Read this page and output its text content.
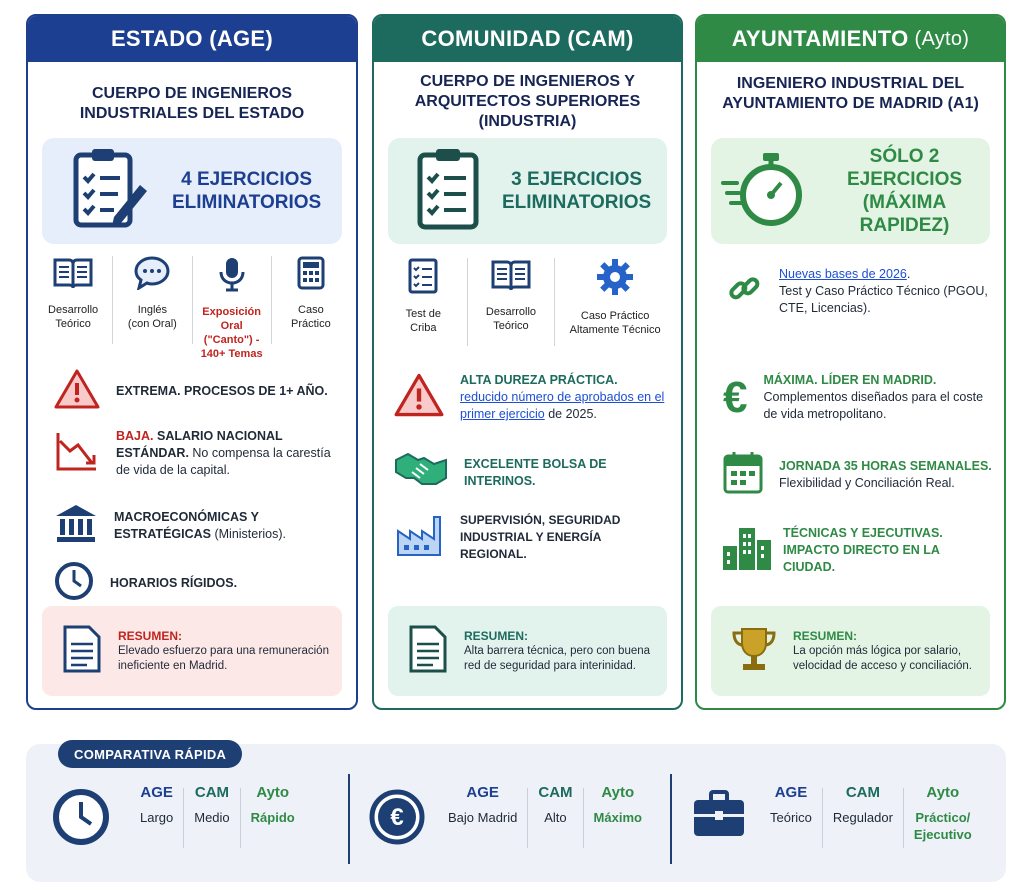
ESTADO (AGE)
CUERPO DE INGENIEROS
INDUSTRIALES DEL ESTADO
4 EJERCICIOS
ELIMINATORIOS
Desarrollo
Teórico
Inglés
(con Oral)
Exposición Oral
("Canto") -
140+ Temas
Caso
Práctico
EXTREMA. PROCESOS DE 1+ AÑO.
BAJA. SALARIO NACIONAL ESTÁNDAR. No compensa la carestía de vida de la capital.
MACROECONÓMICAS Y ESTRATÉGICAS (Ministerios).
HORARIOS RÍGIDOS.
RESUMEN:
Elevado esfuerzo para una remuneración ineficiente en Madrid.
COMUNIDAD (CAM)
CUERPO DE INGENIEROS Y
ARQUITECTOS SUPERIORES
(INDUSTRIA)
3 EJERCICIOS
ELIMINATORIOS
Test de
Criba
Desarrollo
Teórico
Caso Práctico
Altamente Técnico
ALTA DUREZA PRÁCTICA.
reducido número de aprobados en el primer ejercicio de 2025.
EXCELENTE BOLSA DE INTERINOS.
SUPERVISIÓN, SEGURIDAD INDUSTRIAL Y ENERGÍA REGIONAL.
RESUMEN:
Alta barrera técnica, pero con buena red de seguridad para interinidad.
AYUNTAMIENTO (Ayto)
INGENIERO INDUSTRIAL DEL
AYUNTAMIENTO DE MADRID (A1)
SÓLO 2 EJERCICIOS
(MÁXIMA RAPIDEZ)
Nuevas bases de 2026.
Test y Caso Práctico Técnico (PGOU, CTE, Licencias).
€ MÁXIMA. LÍDER EN MADRID.
Complementos diseñados para el coste de vida metropolitano.
JORNADA 35 HORAS SEMANALES.
Flexibilidad y Conciliación Real.
TÉCNICAS Y EJECUTIVAS. IMPACTO DIRECTO EN LA CIUDAD.
RESUMEN:
La opción más lógica por salario, velocidad de acceso y conciliación.
COMPARATIVA RÁPIDA
AGE
Largo
CAM
Medio
Ayto
Rápido	€
AGE
Bajo Madrid
CAM
Alto
Ayto
Máximo
AGE
Teórico
CAM
Regulador
Ayto
Práctico/
Ejecutivo
